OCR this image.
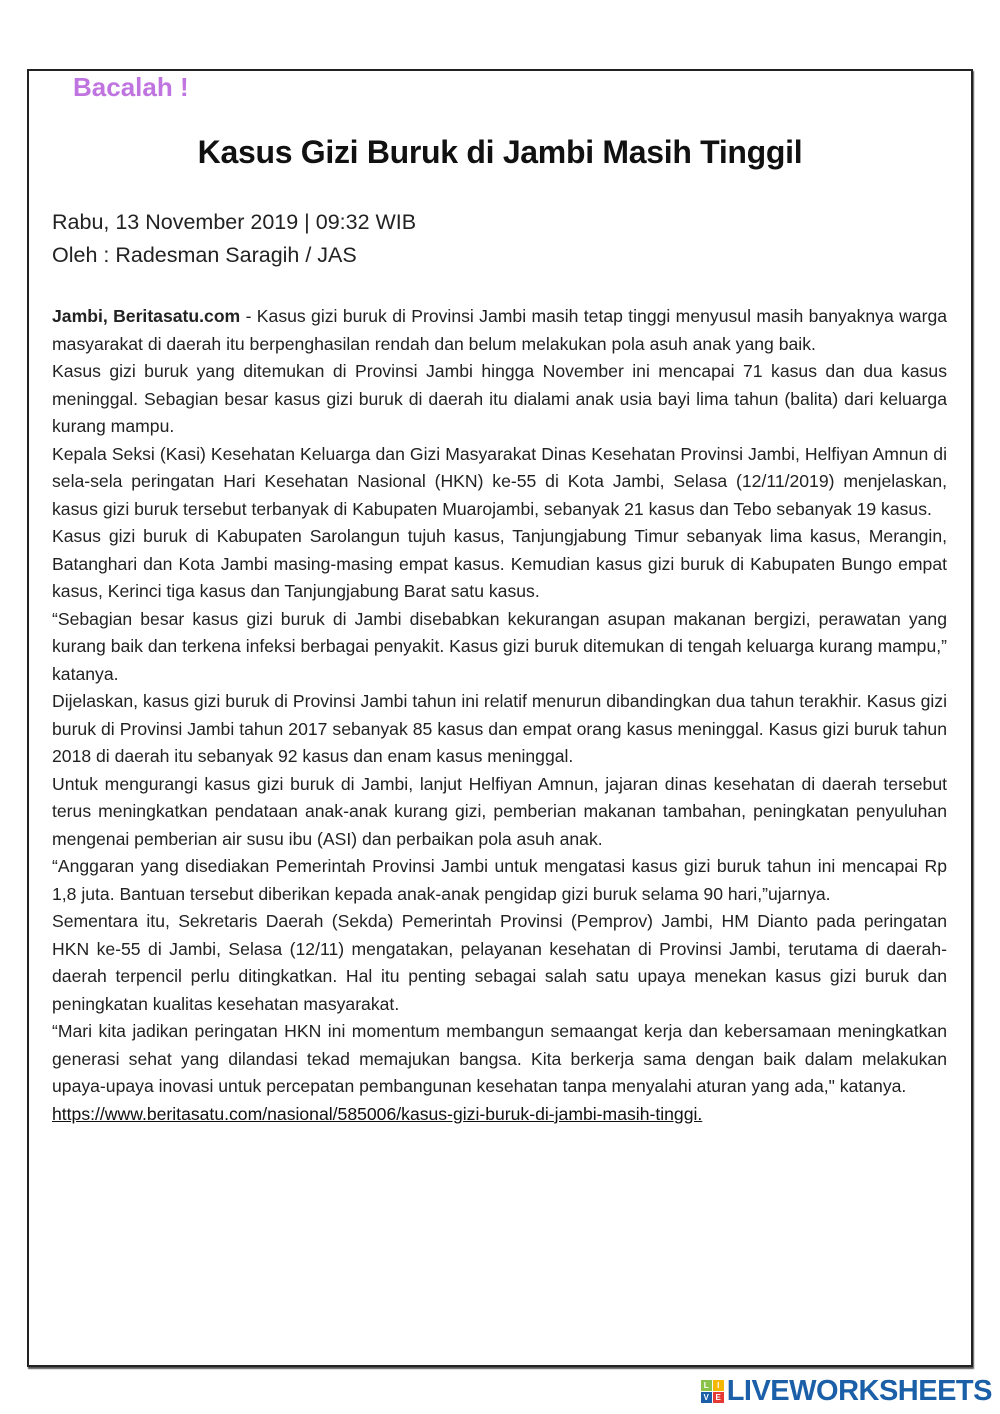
Bacalah !
Kasus Gizi Buruk di Jambi Masih Tinggil
Rabu, 13 November 2019 | 09:32 WIB
Oleh : Radesman Saragih / JAS

Jambi, Beritasatu.com - Kasus gizi buruk di Provinsi Jambi masih tetap tinggi menyusul masih banyaknya warga masyarakat di daerah itu berpenghasilan rendah dan belum melakukan pola asuh anak yang baik.

Kasus gizi buruk yang ditemukan di Provinsi Jambi hingga November ini mencapai 71 kasus dan dua kasus meninggal. Sebagian besar kasus gizi buruk di daerah itu dialami anak usia bayi lima tahun (balita) dari keluarga kurang mampu.

Kepala Seksi (Kasi) Kesehatan Keluarga dan Gizi Masyarakat Dinas Kesehatan Provinsi Jambi, Helfiyan Amnun di sela-sela peringatan Hari Kesehatan Nasional (HKN) ke-55 di Kota Jambi, Selasa (12/11/2019) menjelaskan, kasus gizi buruk tersebut terbanyak di Kabupaten Muarojambi, sebanyak 21 kasus dan Tebo sebanyak 19 kasus.

Kasus gizi buruk di Kabupaten Sarolangun tujuh kasus, Tanjungjabung Timur sebanyak lima kasus, Merangin, Batanghari dan Kota Jambi masing-masing empat kasus. Kemudian kasus gizi buruk di Kabupaten Bungo empat kasus, Kerinci tiga kasus dan Tanjungjabung Barat satu kasus.

“Sebagian besar kasus gizi buruk di Jambi disebabkan kekurangan asupan makanan bergizi, perawatan yang kurang baik dan terkena infeksi berbagai penyakit. Kasus gizi buruk ditemukan di tengah keluarga kurang mampu,” katanya.

Dijelaskan, kasus gizi buruk di Provinsi Jambi tahun ini relatif menurun dibandingkan dua tahun terakhir. Kasus gizi buruk di Provinsi Jambi tahun 2017 sebanyak 85 kasus dan empat orang kasus meninggal. Kasus gizi buruk tahun 2018 di daerah itu sebanyak 92 kasus dan enam kasus meninggal.

Untuk mengurangi kasus gizi buruk di Jambi, lanjut Helfiyan Amnun, jajaran dinas kesehatan di daerah tersebut terus meningkatkan pendataan anak-anak kurang gizi, pemberian makanan tambahan, peningkatan penyuluhan mengenai pemberian air susu ibu (ASI) dan perbaikan pola asuh anak.

“Anggaran yang disediakan Pemerintah Provinsi Jambi untuk mengatasi kasus gizi buruk tahun ini mencapai Rp 1,8 juta. Bantuan tersebut diberikan kepada anak-anak pengidap gizi buruk selama 90 hari,”ujarnya.

Sementara itu, Sekretaris Daerah (Sekda) Pemerintah Provinsi (Pemprov) Jambi, HM Dianto pada peringatan HKN ke-55 di Jambi, Selasa (12/11) mengatakan, pelayanan kesehatan di Provinsi Jambi, terutama di daerah-daerah terpencil perlu ditingkatkan. Hal itu penting sebagai salah satu upaya menekan kasus gizi buruk dan peningkatan kualitas kesehatan masyarakat.

“Mari kita jadikan peringatan HKN ini momentum membangun semaangat kerja dan kebersamaan meningkatkan generasi sehat yang dilandasi tekad memajukan bangsa. Kita berkerja sama dengan baik dalam melakukan upaya-upaya inovasi untuk percepatan pembangunan kesehatan tanpa menyalahi aturan yang ada," katanya.

https://www.beritasatu.com/nasional/585006/kasus-gizi-buruk-di-jambi-masih-tinggi.

L	I
V E LIVEWORKSHEETS
